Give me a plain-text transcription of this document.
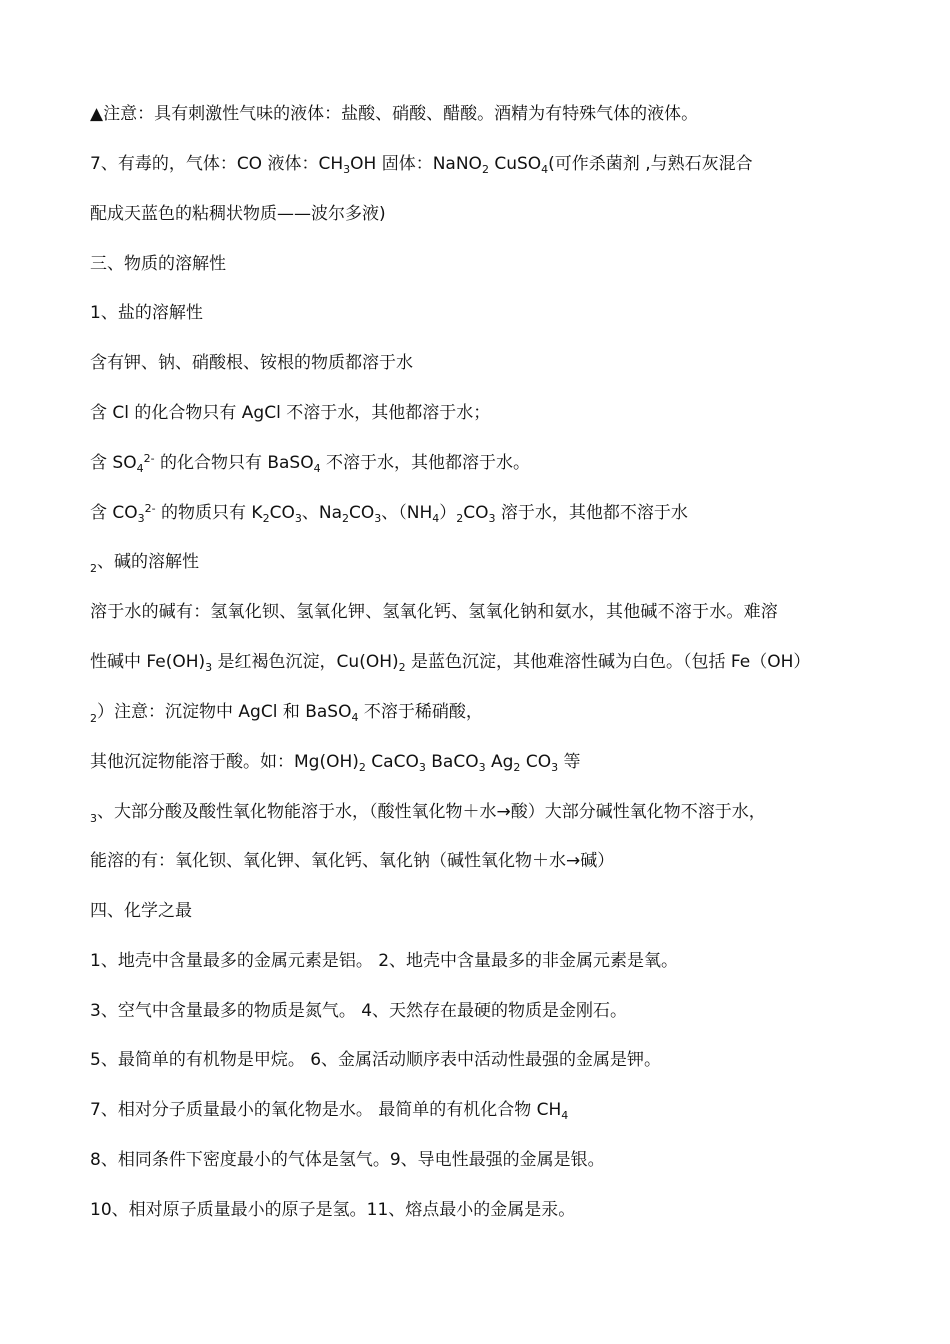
▲注意：具有刺激性气味的液体：盐酸、硝酸、醋酸。酒精为有特殊气体的液体。
7、有毒的，气体：CO 液体：$CH_3OH$ 固体：NaNO$_2$ CuSO$_4$(可作杀菌剂 ,与熟石灰混合
配成天蓝色的粘稠状物质——波尔多液)
三、物质的溶解性
1、盐的溶解性
含有钾、钠、硝酸根、铵根的物质都溶于水
含 Cl 的化合物只有 AgCl 不溶于水，其他都溶于水；
含 $SO_4^{2-}$ 的化合物只有 BaSO$_4$ 不溶于水，其他都溶于水。
含 $CO_3^{2-}$ 的物质只有 $K_2CO_3$、$Na_2CO_3$、$(NH_4)_2CO_3$ 溶于水，其他都不溶于水
$_2$、碱的溶解性
溶于水的碱有：氢氧化钡、氢氧化钾、氢氧化钙、氢氧化钠和氨水，其他碱不溶于水。难溶
性碱中 $Fe(OH)_3$ 是红褐色沉淀，$Cu(OH)_2$ 是蓝色沉淀，其他难溶性碱为白色。（包括 Fe（OH）
$_2$）注意：沉淀物中 AgCl 和 BaSO$_4$ 不溶于稀硝酸，
其他沉淀物能溶于酸。如：$Mg(OH)_2$ CaCO$_3$ BaCO$_3$ $Ag_2$ $CO_3$ 等
$_3$、大部分酸及酸性氧化物能溶于水，（酸性氧化物＋水→酸）大部分碱性氧化物不溶于水，
能溶的有：氧化钡、氧化钾、氧化钙、氧化钠（碱性氧化物＋水→碱）
四、化学之最
1、地壳中含量最多的金属元素是铝。 2、地壳中含量最多的非金属元素是氧。
3、空气中含量最多的物质是氮气。 4、天然存在最硬的物质是金刚石。
5、最简单的有机物是甲烷。 6、金属活动顺序表中活动性最强的金属是钾。
7、相对分子质量最小的氧化物是水。 最简单的有机化合物 $CH_4$
8、相同条件下密度最小的气体是氢气。9、导电性最强的金属是银。
10、相对原子质量最小的原子是氢。11、熔点最小的金属是汞。
